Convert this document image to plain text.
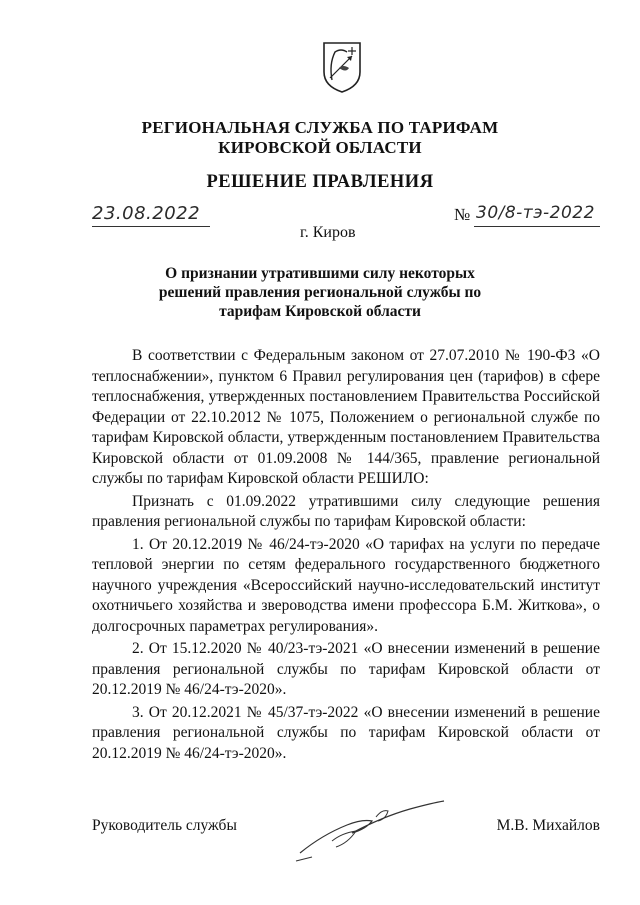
РЕГИОНАЛЬНАЯ СЛУЖБА ПО ТАРИФАМ
КИРОВСКОЙ ОБЛАСТИ
РЕШЕНИЕ ПРАВЛЕНИЯ
23.08.2022	№ 30/8-тэ-2022
г. Киров
О признании утратившими силу некоторых
решений правления региональной службы по
тарифам Кировской области

В соответствии с Федеральным законом от 27.07.2010 № 190-ФЗ «О теплоснабжении», пунктом 6 Правил регулирования цен (тарифов) в сфере теплоснабжения, утвержденных постановлением Правительства Российской Федерации от 22.10.2012 № 1075, Положением о региональной службе по тарифам Кировской области, утвержденным постановлением Правительства Кировской области от 01.09.2008 № 144/365, правление региональной службы по тарифам Кировской области РЕШИЛО:

Признать с 01.09.2022 утратившими силу следующие решения правления региональной службы по тарифам Кировской области:

1. От 20.12.2019 № 46/24-тэ-2020 «О тарифах на услуги по передаче тепловой энергии по сетям федерального государственного бюджетного научного учреждения «Всероссийский научно-исследовательский институт охотничьего хозяйства и звероводства имени профессора Б.М. Житкова», о долгосрочных параметрах регулирования».

2. От 15.12.2020 № 40/23-тэ-2021 «О внесении изменений в решение правления региональной службы по тарифам Кировской области от 20.12.2019 № 46/24-тэ-2020».

3. От 20.12.2021 № 45/37-тэ-2022 «О внесении изменений в решение правления региональной службы по тарифам Кировской области от 20.12.2019 № 46/24-тэ-2020».

Руководитель службы	М.В. Михайлов
